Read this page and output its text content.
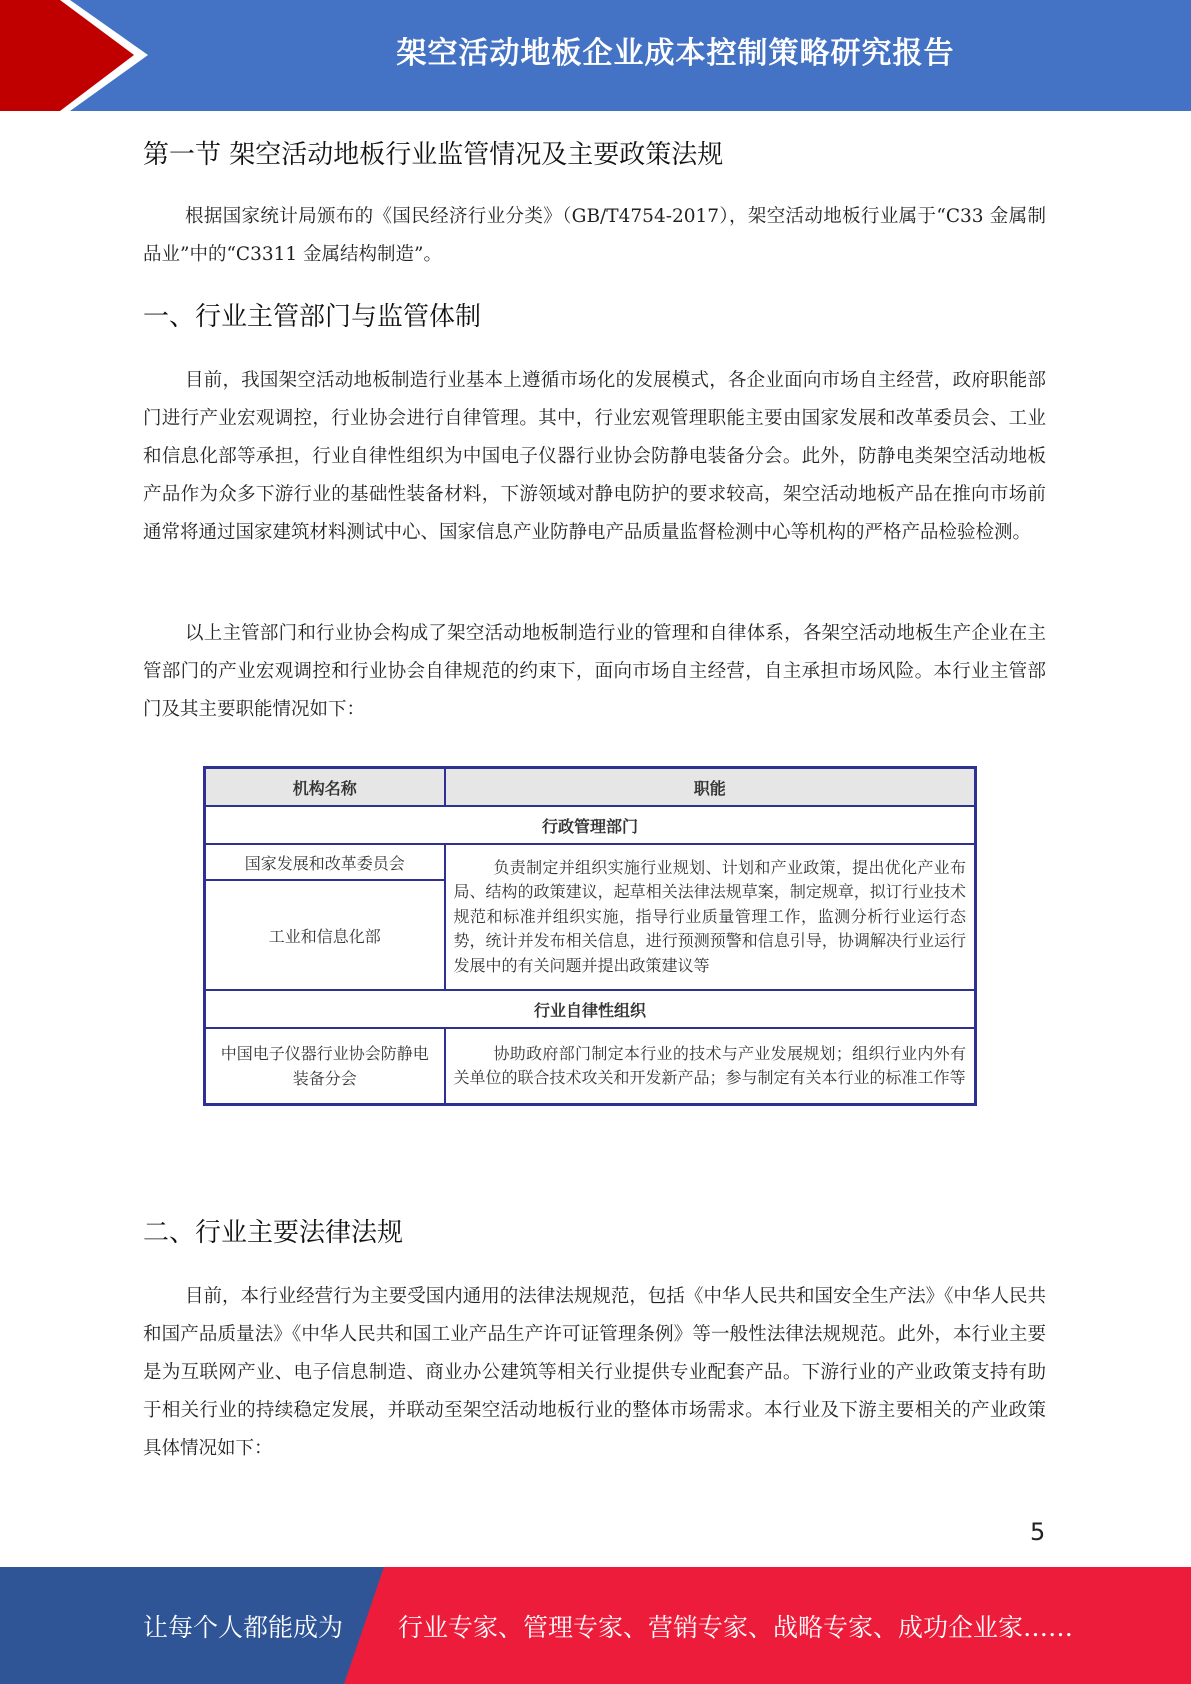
架空活动地板企业成本控制策略研究报告
第一节 架空活动地板行业监管情况及主要政策法规

根据国家统计局颁布的《国民经济行业分类》（GB/T4754-2017），架空活动地板行业属于“C33 金属制品业”中的“C3311 金属结构制造”。

一、行业主管部门与监管体制

目前，我国架空活动地板制造行业基本上遵循市场化的发展模式，各企业面向市场自主经营，政府职能部门进行产业宏观调控，行业协会进行自律管理。其中，行业宏观管理职能主要由国家发展和改革委员会、工业和信息化部等承担，行业自律性组织为中国电子仪器行业协会防静电装备分会。此外，防静电类架空活动地板产品作为众多下游行业的基础性装备材料，下游领域对静电防护的要求较高，架空活动地板产品在推向市场前通常将通过国家建筑材料测试中心、国家信息产业防静电产品质量监督检测中心等机构的严格产品检验检测。

以上主管部门和行业协会构成了架空活动地板制造行业的管理和自律体系，各架空活动地板生产企业在主管部门的产业宏观调控和行业协会自律规范的约束下，面向市场自主经营，自主承担市场风险。本行业主管部门及其主要职能情况如下：

机构名称	职能
行政管理部门	
国家发展和改革委员会	负责制定并组织实施行业规划、计划和产业政策，提出优化产业布局、结构的政策建议，起草相关法律法规草案，制定规章，拟订行业技术规范和标准并组织实施，指导行业质量管理工作，监测分析行业运行态势，统计并发布相关信息，进行预测预警和信息引导，协调解决行业运行发展中的有关问题并提出政策建议等
工业和信息化部	
行业自律性组织	
中国电子仪器行业协会防静电装备分会	协助政府部门制定本行业的技术与产业发展规划；组织行业内外有关单位的联合技术攻关和开发新产品；参与制定有关本行业的标准工作等
二、行业主要法律法规

目前，本行业经营行为主要受国内通用的法律法规规范，包括《中华人民共和国安全生产法》《中华人民共和国产品质量法》《中华人民共和国工业产品生产许可证管理条例》等一般性法律法规规范。此外，本行业主要是为互联网产业、电子信息制造、商业办公建筑等相关行业提供专业配套产品。下游行业的产业政策支持有助于相关行业的持续稳定发展，并联动至架空活动地板行业的整体市场需求。本行业及下游主要相关的产业政策具体情况如下：

5
让每个人都能成为 行业专家、管理专家、营销专家、战略专家、成功企业家……
